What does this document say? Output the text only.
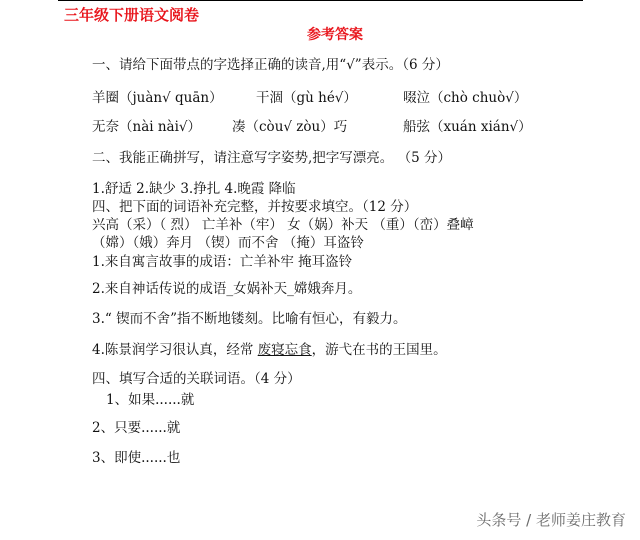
三年级下册语文阅卷
参考答案
一、请给下面带点的字选择正确的读音,用“√”表示。（6 分）
羊圈（juàn√ quān） 干涸（gù hé√）	啜泣（chò chuò√）
无奈（nài nài√） 凑（còu√ zòu）巧	船弦（xuán xián√）
二、我能正确拼写，请注意写字姿势,把字写漂亮。 （5 分）
1.舒适 2.缺少 3.挣扎 4.晚霞 降临
四、把下面的词语补充完整，并按要求填空。（12 分）
兴高（采）（ 烈） 亡羊补（牢） 女（娲）补天 （重）（峦）叠嶂
（嫦）（娥）奔月 （锲）而不舍 （掩）耳盗铃
1.来自寓言故事的成语：亡羊补牢 掩耳盗铃
2.来自神话传说的成语_女娲补天_嫦娥奔月。
3.“ 锲而不舍”指不断地镂刻。比喻有恒心，有毅力。
4.陈景润学习很认真，经常 废寝忘食，游弋在书的王国里。
四、填写合适的关联词语。（4 分）
1、如果......就
2、只要......就
3、即使......也
头条号 / 老师姜庄教育
